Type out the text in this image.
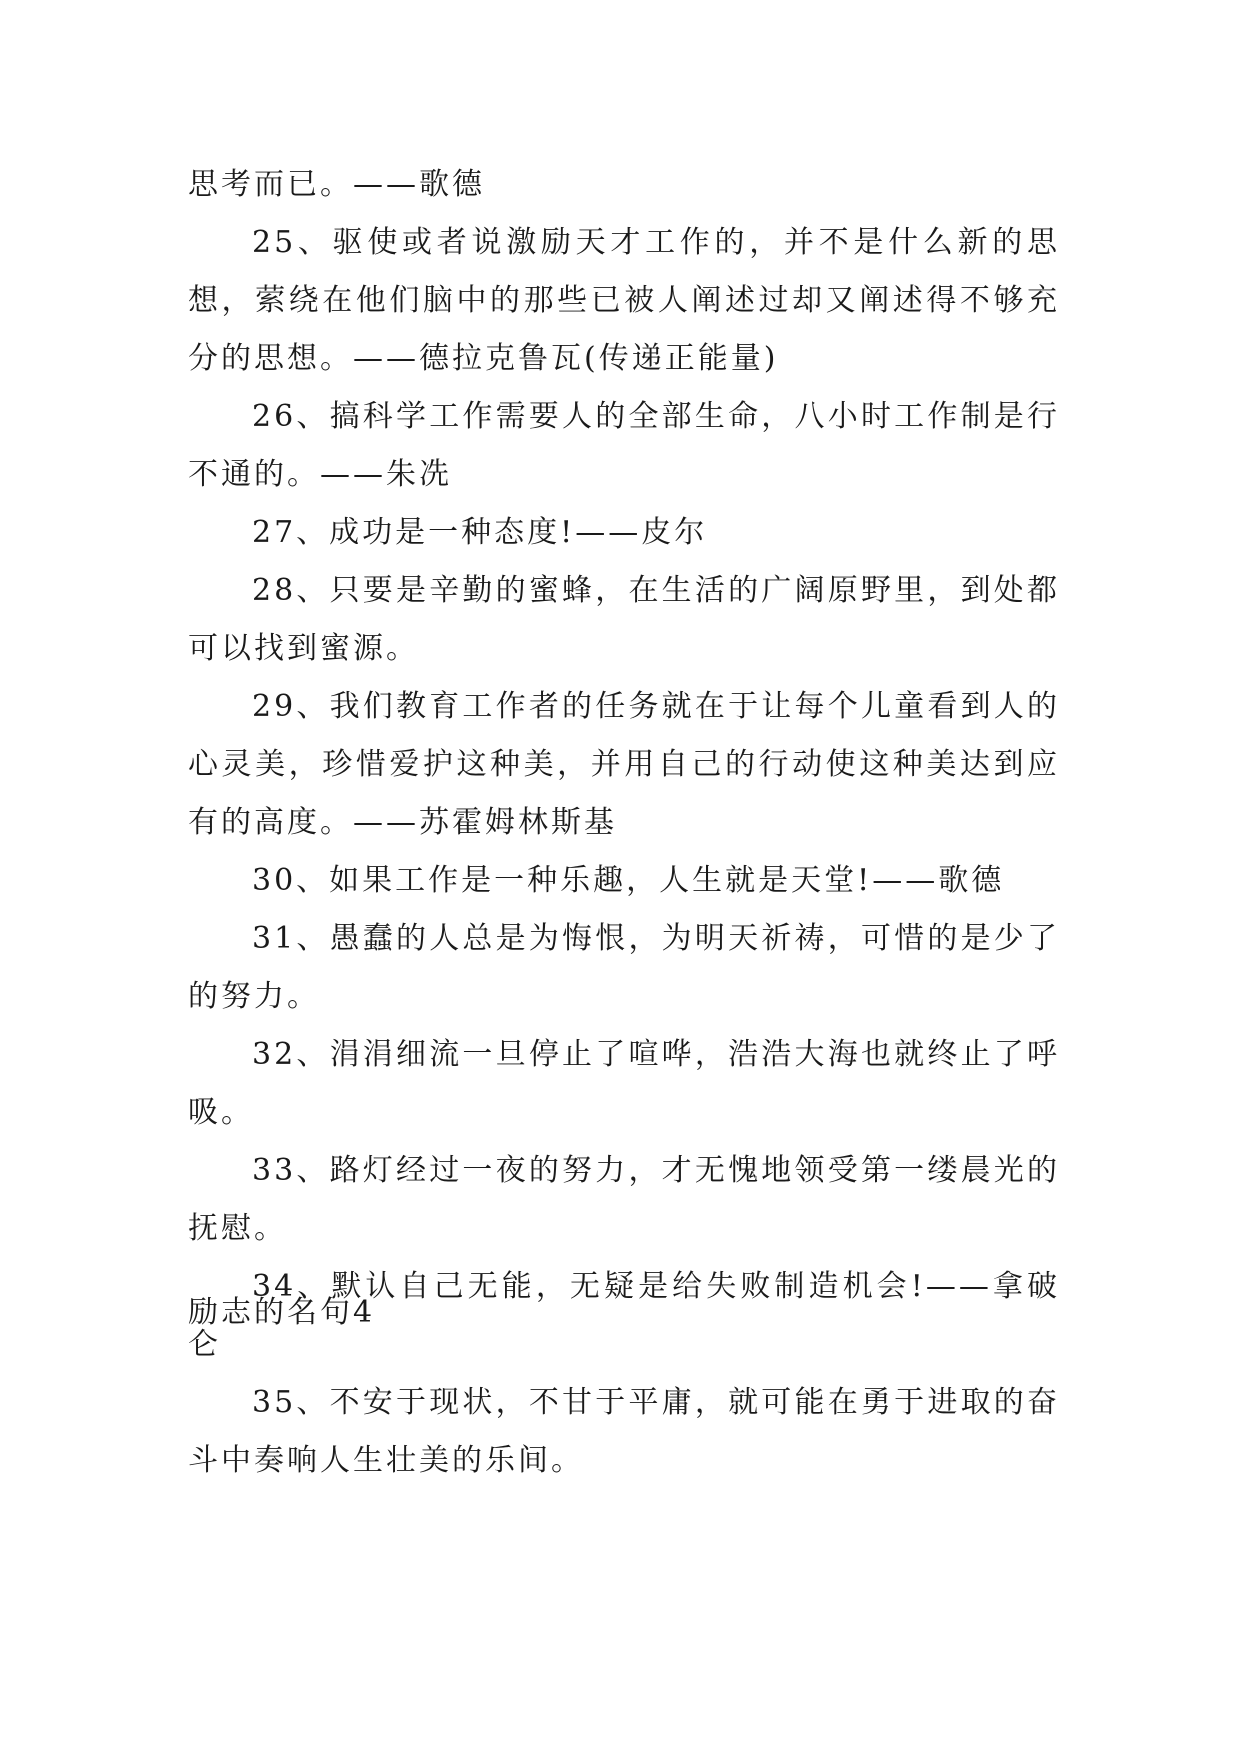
思考而已。——歌德

25、驱使或者说激励天才工作的，并不是什么新的思想，萦绕在他们脑中的那些已被人阐述过却又阐述得不够充分的思想。——德拉克鲁瓦(传递正能量)

26、搞科学工作需要人的全部生命，八小时工作制是行不通的。——朱冼

27、成功是一种态度!——皮尔

28、只要是辛勤的蜜蜂，在生活的广阔原野里，到处都可以找到蜜源。

29、我们教育工作者的任务就在于让每个儿童看到人的心灵美，珍惜爱护这种美，并用自己的行动使这种美达到应有的高度。——苏霍姆林斯基

30、如果工作是一种乐趣，人生就是天堂!——歌德

31、愚蠢的人总是为悔恨，为明天祈祷，可惜的是少了的努力。

32、涓涓细流一旦停止了喧哗，浩浩大海也就终止了呼吸。

33、路灯经过一夜的努力，才无愧地领受第一缕晨光的抚慰。

34、默认自己无能，无疑是给失败制造机会!——拿破仑

35、不安于现状，不甘于平庸，就可能在勇于进取的奋斗中奏响人生壮美的乐间。

励志的名句4
